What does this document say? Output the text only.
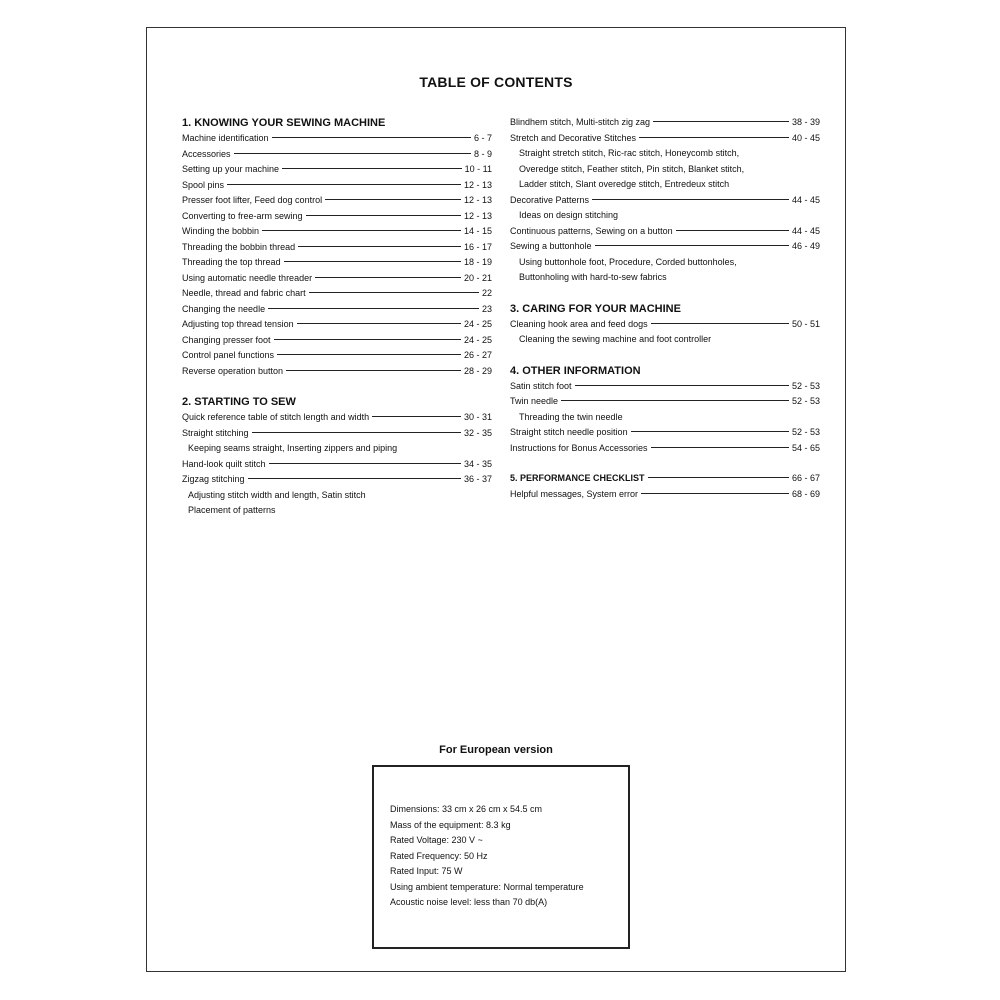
TABLE OF CONTENTS
1. KNOWING YOUR SEWING MACHINE
Machine identification	6 - 7
Accessories	8 - 9
Setting up your machine	10 - 11
Spool pins	12 - 13
Presser foot lifter, Feed dog control	12 - 13
Converting to free-arm sewing	12 - 13
Winding the bobbin	14 - 15
Threading the bobbin thread	16 - 17
Threading the top thread	18 - 19
Using automatic needle threader	20 - 21
Needle, thread and fabric chart	22
Changing the needle	23
Adjusting top thread tension	24 - 25
Changing presser foot	24 - 25
Control panel functions	26 - 27
Reverse operation button	28 - 29
2. STARTING TO SEW
Quick reference table of stitch length and width	30 - 31
Straight stitching	32 - 35
Keeping seams straight, Inserting zippers and piping
Hand-look quilt stitch	34 - 35
Zigzag stitching	36 - 37
Adjusting stitch width and length, Satin stitch
Placement of patterns
Blindhem stitch, Multi-stitch zig zag	38 - 39
Stretch and Decorative Stitches	40 - 45
Straight stretch stitch, Ric-rac stitch, Honeycomb stitch,
Overedge stitch, Feather stitch, Pin stitch, Blanket stitch,
Ladder stitch, Slant overedge stitch, Entredeux stitch
Decorative Patterns	44 - 45
Ideas on design stitching
Continuous patterns, Sewing on a button	44 - 45
Sewing a buttonhole	46 - 49
Using buttonhole foot, Procedure, Corded buttonholes,
Buttonholing with hard-to-sew fabrics
3. CARING FOR YOUR MACHINE
Cleaning hook area and feed dogs	50 - 51
Cleaning the sewing machine and foot controller
4. OTHER INFORMATION
Satin stitch foot	52 - 53
Twin needle	52 - 53
Threading the twin needle
Straight stitch needle position	52 - 53
Instructions for Bonus Accessories	54 - 65
5. PERFORMANCE CHECKLIST	66 - 67
Helpful messages, System error	68 - 69
For European version
Dimensions: 33 cm x 26 cm x 54.5 cm
Mass of the equipment: 8.3 kg
Rated Voltage: 230 V ~
Rated Frequency: 50 Hz
Rated Input: 75 W
Using ambient temperature: Normal temperature
Acoustic noise level: less than 70 db(A)
